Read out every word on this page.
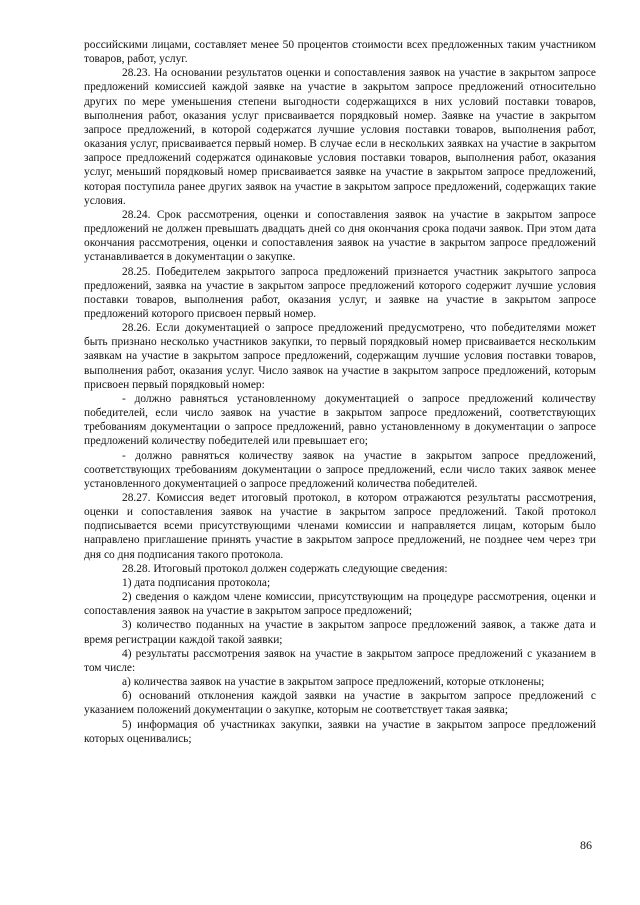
российскими лицами, составляет менее 50 процентов стоимости всех предложенных таким участником товаров, работ, услуг.

28.23. На основании результатов оценки и сопоставления заявок на участие в закрытом запросе предложений комиссией каждой заявке на участие в закрытом запросе предложений относительно других по мере уменьшения степени выгодности содержащихся в них условий поставки товаров, выполнения работ, оказания услуг присваивается порядковый номер. Заявке на участие в закрытом запросе предложений, в которой содержатся лучшие условия поставки товаров, выполнения работ, оказания услуг, присваивается первый номер. В случае если в нескольких заявках на участие в закрытом запросе предложений содержатся одинаковые условия поставки товаров, выполнения работ, оказания услуг, меньший порядковый номер присваивается заявке на участие в закрытом запросе предложений, которая поступила ранее других заявок на участие в закрытом запросе предложений, содержащих такие условия.

28.24. Срок рассмотрения, оценки и сопоставления заявок на участие в закрытом запросе предложений не должен превышать двадцать дней со дня окончания срока подачи заявок. При этом дата окончания рассмотрения, оценки и сопоставления заявок на участие в закрытом запросе предложений устанавливается в документации о закупке.

28.25. Победителем закрытого запроса предложений признается участник закрытого запроса предложений, заявка на участие в закрытом запросе предложений которого содержит лучшие условия поставки товаров, выполнения работ, оказания услуг, и заявке на участие в закрытом запросе предложений которого присвоен первый номер.

28.26. Если документацией о запросе предложений предусмотрено, что победителями может быть признано несколько участников закупки, то первый порядковый номер присваивается нескольким заявкам на участие в закрытом запросе предложений, содержащим лучшие условия поставки товаров, выполнения работ, оказания услуг. Число заявок на участие в закрытом запросе предложений, которым присвоен первый порядковый номер:

- должно равняться установленному документацией о запросе предложений количеству победителей, если число заявок на участие в закрытом запросе предложений, соответствующих требованиям документации о запросе предложений, равно установленному в документации о запросе предложений количеству победителей или превышает его;

- должно равняться количеству заявок на участие в закрытом запросе предложений, соответствующих требованиям документации о запросе предложений, если число таких заявок менее установленного документацией о запросе предложений количества победителей.

28.27. Комиссия ведет итоговый протокол, в котором отражаются результаты рассмотрения, оценки и сопоставления заявок на участие в закрытом запросе предложений. Такой протокол подписывается всеми присутствующими членами комиссии и направляется лицам, которым было направлено приглашение принять участие в закрытом запросе предложений, не позднее чем через три дня со дня подписания такого протокола.

28.28. Итоговый протокол должен содержать следующие сведения:

1) дата подписания протокола;

2) сведения о каждом члене комиссии, присутствующим на процедуре рассмотрения, оценки и сопоставления заявок на участие в закрытом запросе предложений;

3) количество поданных на участие в закрытом запросе предложений заявок, а также дата и время регистрации каждой такой заявки;

4) результаты рассмотрения заявок на участие в закрытом запросе предложений с указанием в том числе:

а) количества заявок на участие в закрытом запросе предложений, которые отклонены;

б) оснований отклонения каждой заявки на участие в закрытом запросе предложений с указанием положений документации о закупке, которым не соответствует такая заявка;

5) информация об участниках закупки, заявки на участие в закрытом запросе предложений которых оценивались;

86
